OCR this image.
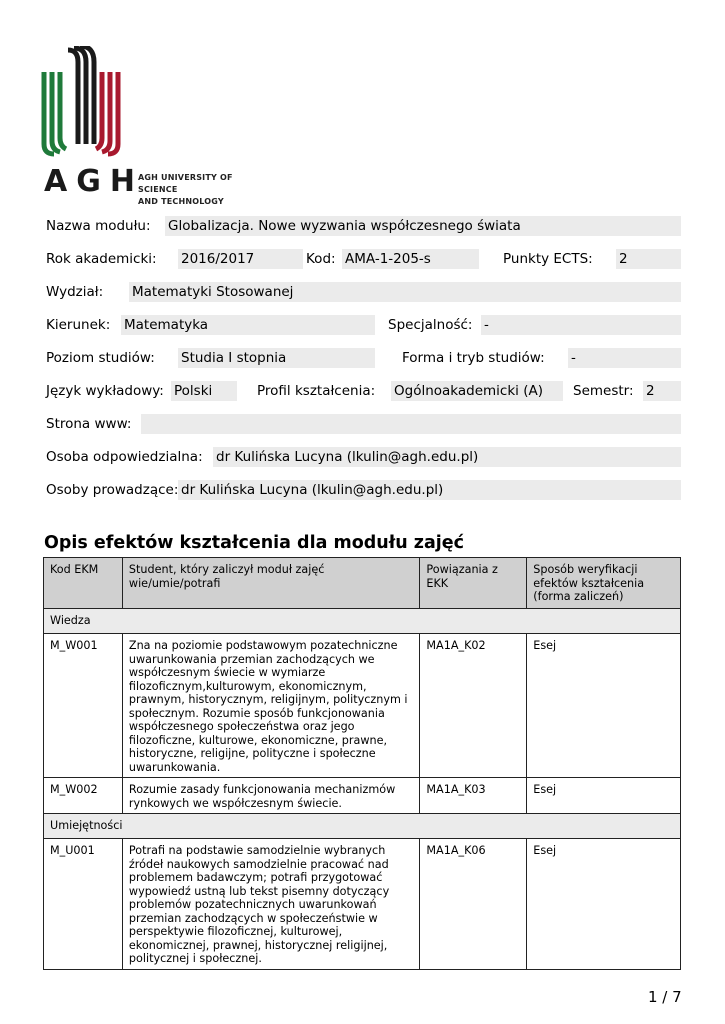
AGH
AGH UNIVERSITY OF SCIENCE
AND TECHNOLOGY
Nazwa modułu: Globalizacja. Nowe wyzwania współczesnego świata
Rok akademicki: 2016/2017	Kod: AMA-1-205-s	Punkty ECTS: 2
Wydział: Matematyki Stosowanej
Kierunek: Matematyka	Specjalność: -
Poziom studiów: Studia I stopnia	Forma i tryb studiów: -
Język wykładowy: Polski	Profil kształcenia: Ogólnoakademicki (A)	Semestr: 2
Strona www:
Osoba odpowiedzialna: dr Kulińska Lucyna (lkulin@agh.edu.pl)
Osoby prowadzące: dr Kulińska Lucyna (lkulin@agh.edu.pl)
Opis efektów kształcenia dla modułu zajęć
Kod EKM	Student, który zaliczył moduł zajęć wie/umie/potrafi	Powiązania z EKK	Sposób weryfikacji efektów kształcenia (forma zaliczeń)
Wiedza			
M_W001	Zna na poziomie podstawowym pozatechniczne uwarunkowania przemian zachodzących we współczesnym świecie w wymiarze filozoficznym,kulturowym, ekonomicznym, prawnym, historycznym, religijnym, politycznym i społecznym. Rozumie sposób funkcjonowania współczesnego społeczeństwa oraz jego filozoficzne, kulturowe, ekonomiczne, prawne, historyczne, religijne, polityczne i społeczne uwarunkowania.	MA1A_K02	Esej
M_W002	Rozumie zasady funkcjonowania mechanizmów rynkowych we współczesnym świecie.	MA1A_K03	Esej
Umiejętności			
M_U001	Potrafi na podstawie samodzielnie wybranych źródeł naukowych samodzielnie pracować nad problemem badawczym; potrafi przygotować wypowiedź ustną lub tekst pisemny dotyczący problemów pozatechnicznych uwarunkowań przemian zachodzących w społeczeństwie w perspektywie filozoficznej, kulturowej, ekonomicznej, prawnej, historycznej religijnej, politycznej i społecznej.	MA1A_K06	Esej
1 / 7
